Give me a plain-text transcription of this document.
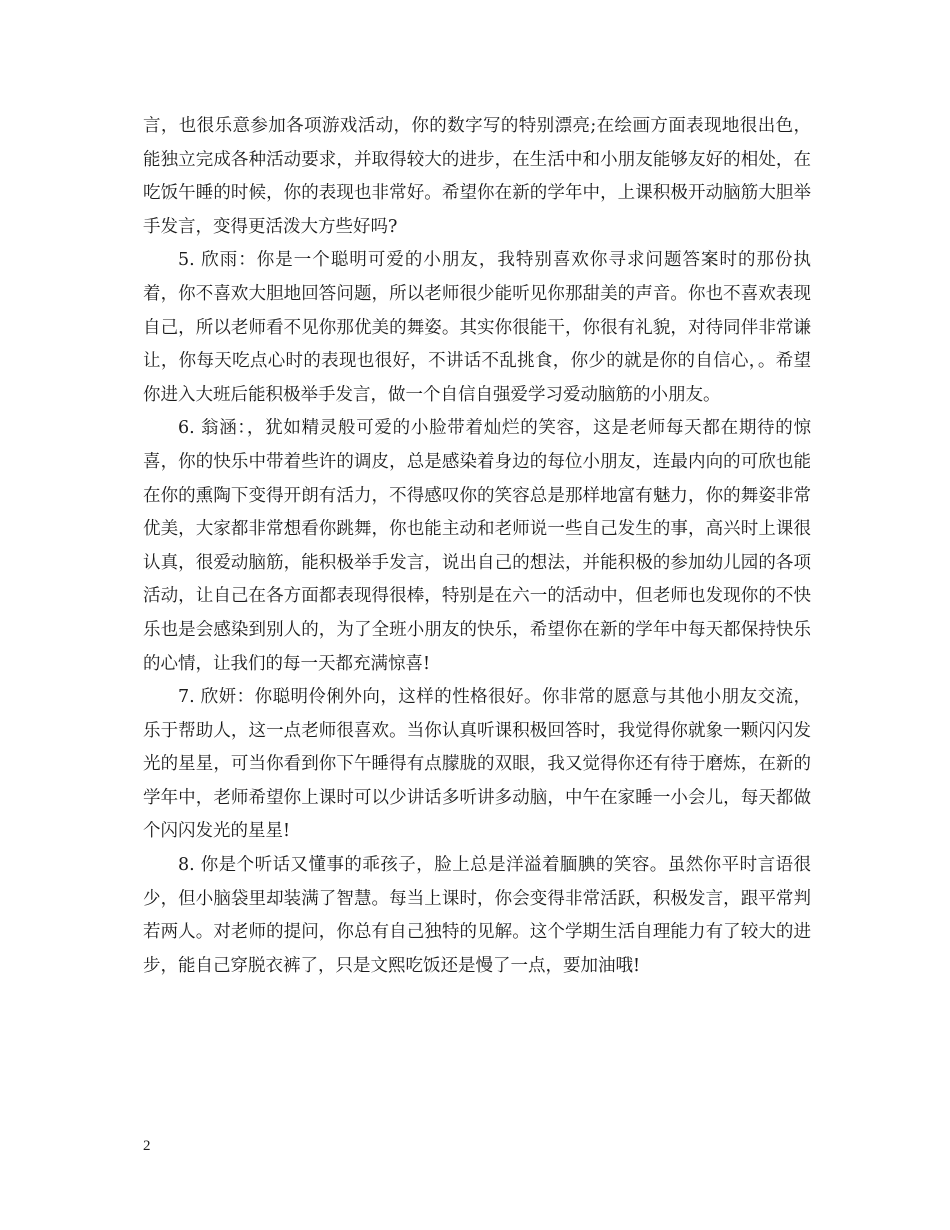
言，也很乐意参加各项游戏活动，你的数字写的特别漂亮;在绘画方面表现地很出色，能独立完成各种活动要求，并取得较大的进步，在生活中和小朋友能够友好的相处，在吃饭午睡的时候，你的表现也非常好。希望你在新的学年中，上课积极开动脑筋大胆举手发言，变得更活泼大方些好吗?

5. 欣雨：你是一个聪明可爱的小朋友，我特别喜欢你寻求问题答案时的那份执着，你不喜欢大胆地回答问题，所以老师很少能听见你那甜美的声音。你也不喜欢表现自己，所以老师看不见你那优美的舞姿。其实你很能干，你很有礼貌，对待同伴非常谦让，你每天吃点心时的表现也很好，不讲话不乱挑食，你少的就是你的自信心，。希望你进入大班后能积极举手发言，做一个自信自强爱学习爱动脑筋的小朋友。

6. 翁涵：，犹如精灵般可爱的小脸带着灿烂的笑容，这是老师每天都在期待的惊喜，你的快乐中带着些许的调皮，总是感染着身边的每位小朋友，连最内向的可欣也能在你的熏陶下变得开朗有活力，不得感叹你的笑容总是那样地富有魅力，你的舞姿非常优美，大家都非常想看你跳舞，你也能主动和老师说一些自己发生的事，高兴时上课很认真，很爱动脑筋，能积极举手发言，说出自己的想法，并能积极的参加幼儿园的各项活动，让自己在各方面都表现得很棒，特别是在六一的活动中，但老师也发现你的不快乐也是会感染到别人的，为了全班小朋友的快乐，希望你在新的学年中每天都保持快乐的心情，让我们的每一天都充满惊喜!

7. 欣妍：你聪明伶俐外向，这样的性格很好。你非常的愿意与其他小朋友交流，乐于帮助人，这一点老师很喜欢。当你认真听课积极回答时，我觉得你就象一颗闪闪发光的星星，可当你看到你下午睡得有点朦胧的双眼，我又觉得你还有待于磨炼，在新的学年中，老师希望你上课时可以少讲话多听讲多动脑，中午在家睡一小会儿，每天都做个闪闪发光的星星!

8. 你是个听话又懂事的乖孩子，脸上总是洋溢着腼腆的笑容。虽然你平时言语很少，但小脑袋里却装满了智慧。每当上课时，你会变得非常活跃，积极发言，跟平常判若两人。对老师的提问，你总有自己独特的见解。这个学期生活自理能力有了较大的进步，能自己穿脱衣裤了，只是文熙吃饭还是慢了一点，要加油哦!

2
